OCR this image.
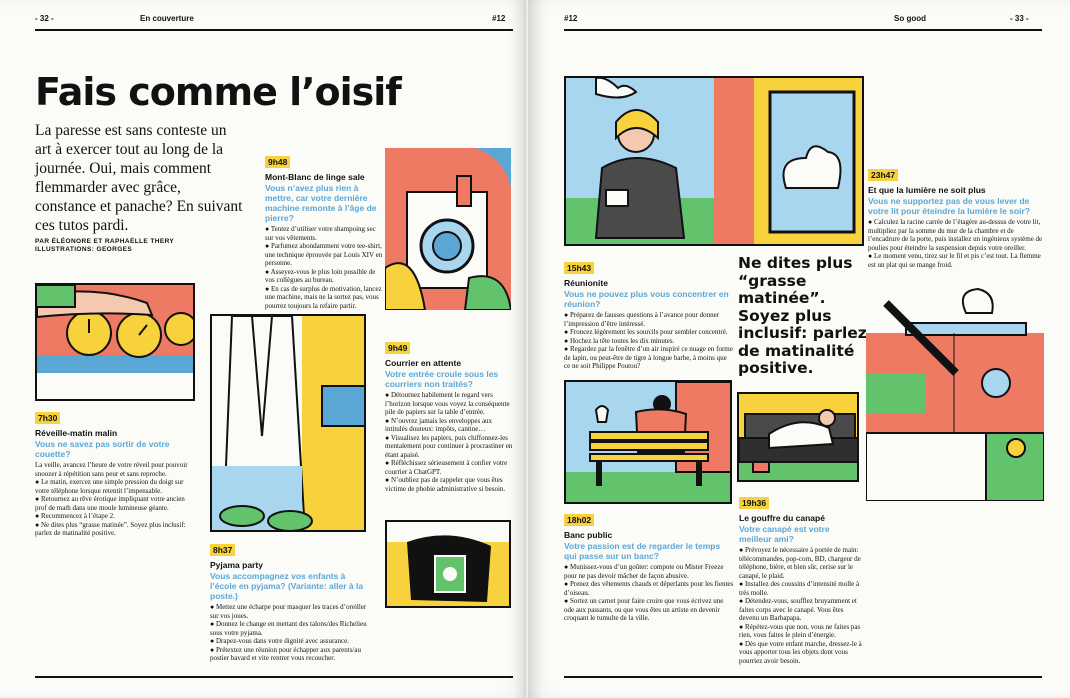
- 32 -	En couverture	#12
Fais comme l’oisif
La paresse est sans conteste un art à exercer tout au long de la journée. Oui, mais comment flemmarder avec grâce, constance et panache? En suivant ces tutos pardi.
PAR ÉLÉONORE ET RAPHAËLLE THERY
ILLUSTRATIONS: GEORGES
7h30
Réveille-matin malin
Vous ne savez pas sortir de votre couette?

La veille, avancez l’heure de votre réveil pour pouvoir snoozer à répétition sans peur et sans reproche.

● Le matin, exercez une simple pression du doigt sur votre téléphone lorsque retentit l’impensable.

● Retournez au rêve érotique impliquant votre ancien prof de math dans une moule lumineuse géante.

● Recommencez à l’étape 2.

● Ne dites plus “grasse matinée”. Soyez plus inclusif: parlez de matinalité positive.

8h37
Pyjama party
Vous accompagnez vos enfants à l’école en pyjama? (Variante: aller à la poste.)

● Mettez une écharpe pour masquer les traces d’oreiller sur vos joues.

● Donnez le change en mettant des talons/des Richelieu sous votre pyjama.

● Drapez-vous dans votre dignité avec assurance.

● Prétextez une réunion pour échapper aux parents/au postier bavard et vite rentrer vous recoucher.

9h48
Mont-Blanc de linge sale
Vous n’avez plus rien à mettre, car votre dernière machine remonte à l’âge de pierre?

● Tentez d’utiliser votre shampoing sec sur vos vêtements.

● Parfumez abondamment votre tee-shirt, une technique éprouvée par Louis XIV en personne.

● Asseyez-vous le plus loin possible de vos collègues au bureau.

● En cas de surplus de motivation, lancez une machine, mais ne la sortez pas, vous pourrez toujours la refaire partir.

9h49
Courrier en attente
Votre entrée croule sous les courriers non traités?

● Détournez habilement le regard vers l’horizon lorsque vous voyez la conséquente pile de papiers sur la table d’entrée.

● N’ouvrez jamais les enveloppes aux intitulés douteux: impôts, cantine…

● Visualisez les papiers, puis chiffonnez-les mentalement pour continuer à procrastiner en étant apaisé.

● Réfléchissez sérieusement à confier votre courrier à ChatGPT.

● N’oubliez pas de rappeler que vous êtes victime de phobie administrative si besoin.

#12	So good	- 33 -
23h47
Et que la lumière ne soit plus
Vous ne supportez pas de vous lever de votre lit pour éteindre la lumière le soir?

● Calculez la racine carrée de l’étagère au-dessus de votre lit, multipliez par la somme du mur de la chambre et de l’encadrure de la porte, puis installez un ingénieux système de poulies pour éteindre la suspension depuis votre oreiller.

● Le moment venu, tirez sur le fil et pis c’est tout. La flemme est un plat qui se mange froid.

15h43
Réunionite
Vous ne pouvez plus vous concentrer en réunion?

● Préparez de fausses questions à l’avance pour donner l’impression d’être intéressé.

● Froncez légèrement les sourcils pour sembler concentré.

● Hochez la tête toutes les dix minutes.

● Regardez par la fenêtre d’un air inspiré ce nuage en forme de lapin, ou peut-être de tigre à longue barbe, à moins que ce ne soit Philippe Poutou?

18h02
Banc public
Votre passion est de regarder le temps qui passe sur un banc?

● Munissez-vous d’un goûter: compote ou Mister Freeze pour ne pas devoir mâcher de façon abusive.

● Prenez des vêtements chauds et déperlants pour les fientes d’oiseau.

● Sortez un carnet pour faire croire que vous écrivez une ode aux passants, ou que vous êtes un artiste en devenir croquant le tumulte de la ville.

19h36
Le gouffre du canapé
Votre canapé est votre meilleur ami?

● Prévoyez le nécessaire à portée de main: télécommandes, pop-corn, BD, chargeur de téléphone, bière, et bien sûr, cerise sur le canapé, le plaid.

● Installez des coussins d’intensité molle à très molle.

● Détendez-vous, soufflez bruyamment et faites corps avec le canapé. Vous êtes devenu un Barbapapa.

● Répétez-vous que non, vous ne faites pas rien, vous faites le plein d’énergie.

● Dès que votre enfant marche, dressez-le à vous apporter tous les objets dont vous pourriez avoir besoin.

Ne dites plus “grasse matinée”. Soyez plus inclusif: parlez de matinalité positive.
